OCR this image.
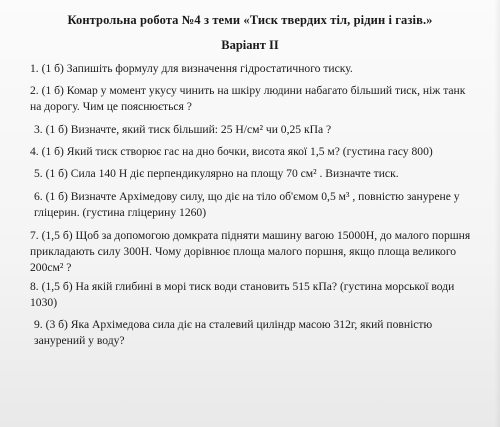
Контрольна робота №4 з теми «Тиск твердих тіл, рідин і газів.»
Варіант II
1. (1 б) Запишіть формулу для визначення гідростатичного тиску.
2. (1 б) Комар у момент укусу чинить на шкіру людини набагато більший тиск, ніж танк
на дорогу. Чим це пояснюється ?
3. (1 б) Визначте, який тиск більший: 25 Н/см² чи 0,25 кПа ?
4. (1 б) Який тиск створює гас на дно бочки, висота якої 1,5 м? (густина гасу 800)
5. (1 б) Сила 140 Н діє перпендикулярно на площу 70 см² . Визначте тиск.
6. (1 б) Визначте Архімедову силу, що діє на тіло об'ємом 0,5 м³ , повністю занурене у
гліцерин. (густина гліцерину 1260)
7. (1,5 б) Щоб за допомогою домкрата підняти машину вагою 15000Н, до малого поршня
прикладають силу 300Н. Чому дорівнює площа малого поршня, якщо площа великого
200см² ?
8. (1,5 б) На якій глибині в морі тиск води становить 515 кПа? (густина морської води
1030)
9. (3 б) Яка Архімедова сила діє на сталевий циліндр масою 312г, який повністю
занурений у воду?
